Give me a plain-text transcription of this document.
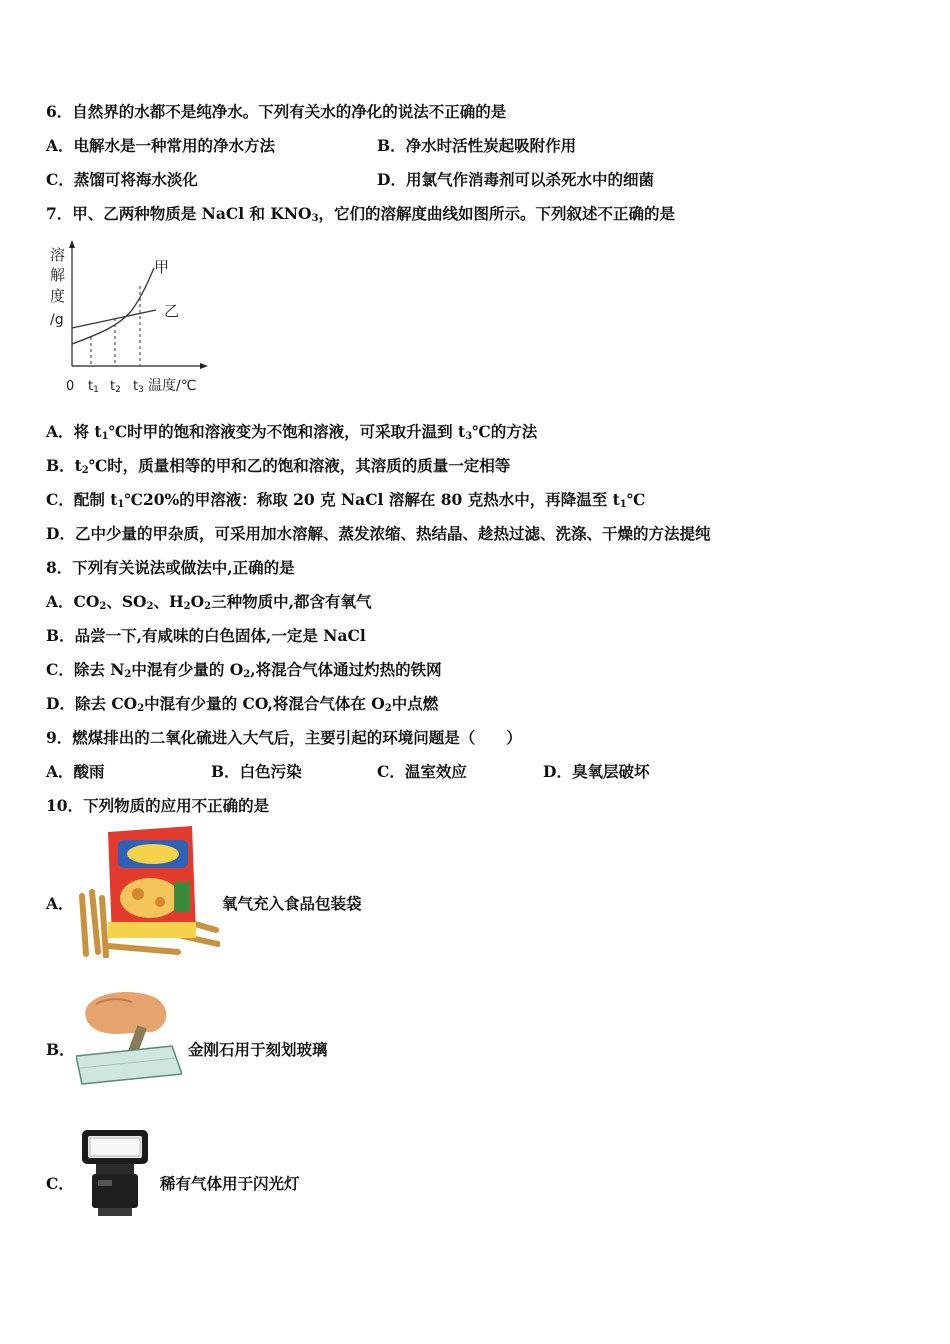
6．自然界的水都不是纯净水。下列有关水的净化的说法不正确的是
A．电解水是一种常用的净水方法	B．净水时活性炭起吸附作用
C．蒸馏可将海水淡化	D．用氯气作消毒剂可以杀死水中的细菌
7．甲、乙两种物质是 NaCl 和 $KNO_3$，它们的溶解度曲线如图所示。下列叙述不正确的是
溶
解
度
/g
甲
乙
0 t1 t2 t3 温度/℃
A．将 $t_1℃$时甲的饱和溶液变为不饱和溶液，可采取升温到 $t_3℃$的方法
B．$t_2℃$时，质量相等的甲和乙的饱和溶液，其溶质的质量一定相等
C．配制 $t_1℃20\%$的甲溶液：称取 20 克 NaCl 溶解在 80 克热水中，再降温至 $t_1℃$
D．乙中少量的甲杂质，可采用加水溶解、蒸发浓缩、热结晶、趁热过滤、洗涤、干燥的方法提纯
8．下列有关说法或做法中,正确的是
A．$CO_2$、$SO_2$、$H_2O_2$三种物质中,都含有氧气
B．品尝一下,有咸味的白色固体,一定是 NaCl
C．除去 $N_2$中混有少量的 $O_2$,将混合气体通过灼热的铁网
D．除去 $CO_2$中混有少量的 CO,将混合气体在 $O_2$中点燃
9．燃煤排出的二氧化硫进入大气后，主要引起的环境问题是（　　）
A．酸雨	B．白色污染	C．温室效应	D．臭氧层破坏
10．下列物质的应用不正确的是
A．	氧气充入食品包装袋
B．	金刚石用于刻划玻璃
C．	稀有气体用于闪光灯
